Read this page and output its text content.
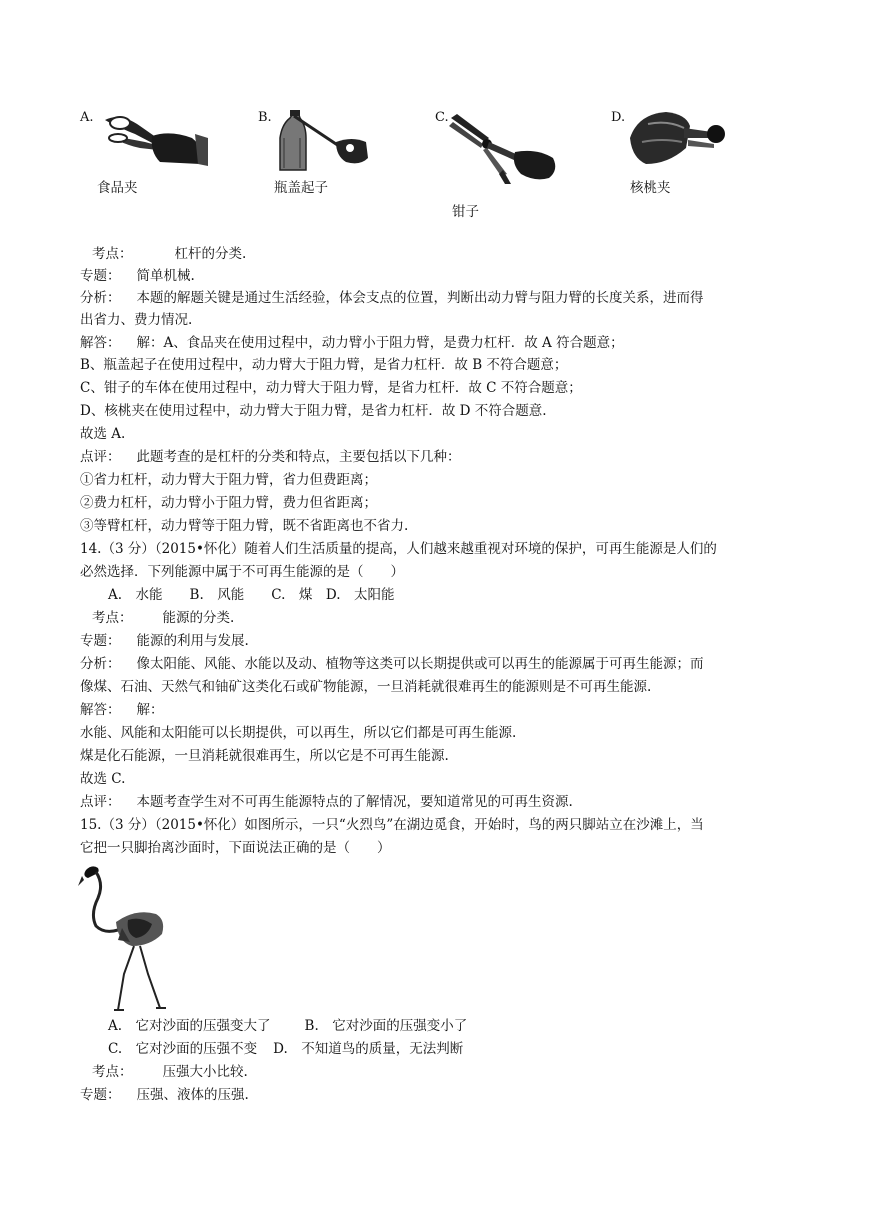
A.
食品夹
B.
瓶盖起子
C.
钳子
D.
核桃夹
考点：	杠杆的分类.
专题： 简单机械.
分析： 本题的解题关键是通过生活经验，体会支点的位置，判断出动力臂与阻力臂的长度关系，进而得
出省力、费力情况.
解答： 解：A、食品夹在使用过程中，动力臂小于阻力臂，是费力杠杆．故 A 符合题意；
B、瓶盖起子在使用过程中，动力臂大于阻力臂，是省力杠杆．故 B 不符合题意；
C、钳子的车体在使用过程中，动力臂大于阻力臂，是省力杠杆．故 C 不符合题意；
D、核桃夹在使用过程中，动力臂大于阻力臂，是省力杠杆．故 D 不符合题意.
故选 A.
点评： 此题考查的是杠杆的分类和特点，主要包括以下几种：
①省力杠杆，动力臂大于阻力臂，省力但费距离；
②费力杠杆，动力臂小于阻力臂，费力但省距离；
③等臂杠杆，动力臂等于阻力臂，既不省距离也不省力.
14.（3 分）（2015•怀化）随着人们生活质量的提高，人们越来越重视对环境的保护，可再生能源是人们的
必然选择．下列能源中属于不可再生能源的是（　　）
A.　水能　　B.　风能　　C.　煤　D.　太阳能
考点： 能源的分类.
专题： 能源的利用与发展.
分析： 像太阳能、风能、水能以及动、植物等这类可以长期提供或可以再生的能源属于可再生能源；而
像煤、石油、天然气和铀矿这类化石或矿物能源，一旦消耗就很难再生的能源则是不可再生能源.
解答： 解：
水能、风能和太阳能可以长期提供，可以再生，所以它们都是可再生能源.
煤是化石能源，一旦消耗就很难再生，所以它是不可再生能源.
故选 C.
点评： 本题考查学生对不可再生能源特点的了解情况，要知道常见的可再生资源.
15.（3 分）（2015•怀化）如图所示，一只“火烈鸟”在湖边觅食，开始时，鸟的两只脚站立在沙滩上，当
它把一只脚抬离沙面时，下面说法正确的是（　　）
A.　它对沙面的压强变大了	B.　它对沙面的压强变小了
C.　它对沙面的压强不变 D.　不知道鸟的质量，无法判断
考点： 压强大小比较.
专题： 压强、液体的压强.
